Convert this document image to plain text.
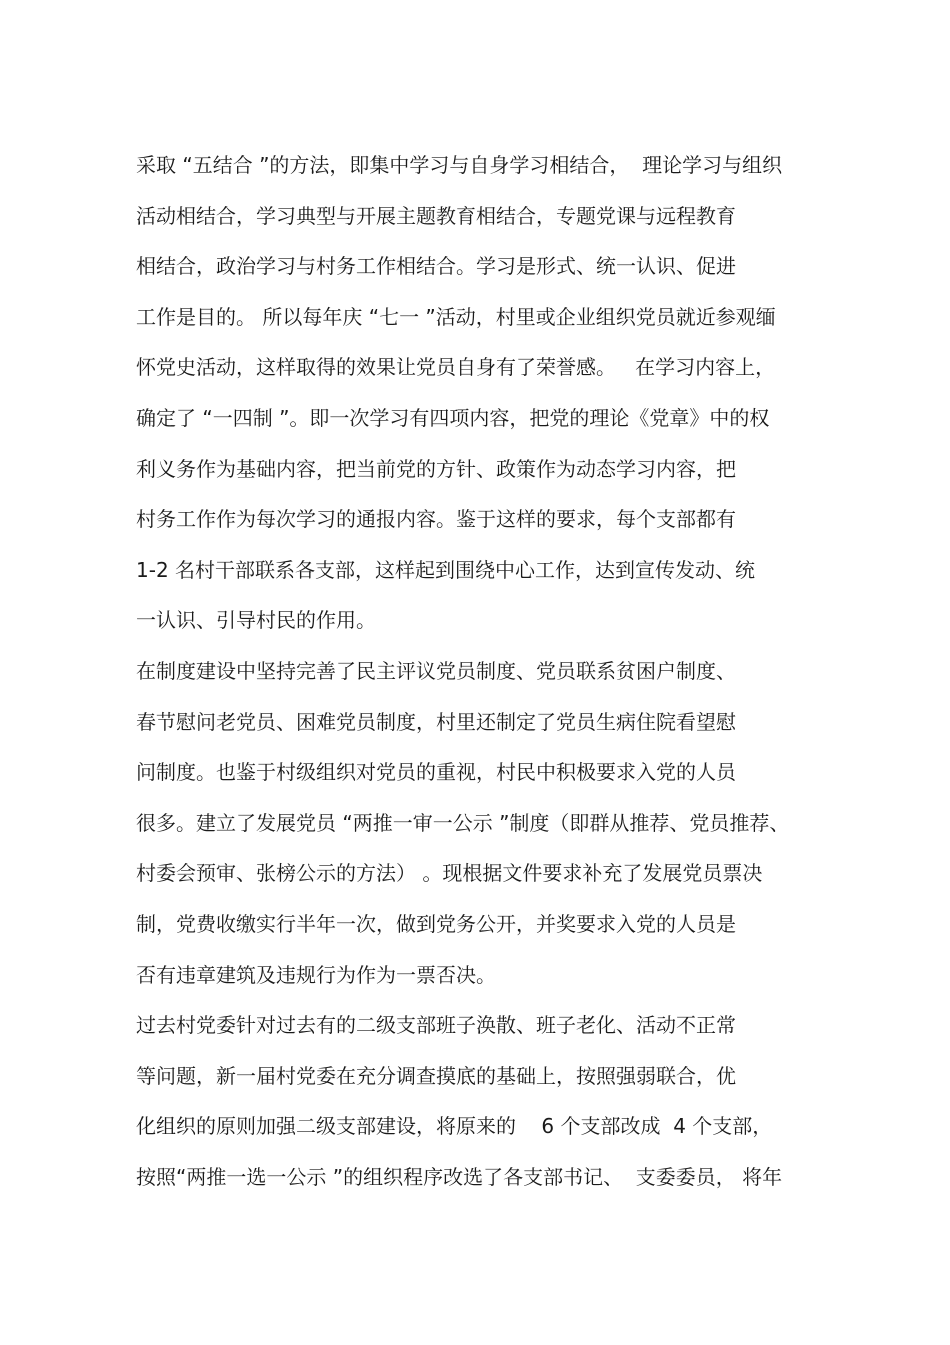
采取 “五结合 ”的方法，即集中学习与自身学习相结合，  理论学习与组织
活动相结合，学习典型与开展主题教育相结合，专题党课与远程教育
相结合，政治学习与村务工作相结合。学习是形式、统一认识、促进
工作是目的。 所以每年庆 “七一 ”活动，村里或企业组织党员就近参观缅
怀党史活动，这样取得的效果让党员自身有了荣誉感。   在学习内容上，
确定了 “一四制 ”。即一次学习有四项内容，把党的理论《党章》中的权
利义务作为基础内容，把当前党的方针、政策作为动态学习内容，把
村务工作作为每次学习的通报内容。鉴于这样的要求，每个支部都有
1-2 名村干部联系各支部，这样起到围绕中心工作，达到宣传发动、统
一认识、引导村民的作用。
在制度建设中坚持完善了民主评议党员制度、党员联系贫困户制度、
春节慰问老党员、困难党员制度，村里还制定了党员生病住院看望慰
问制度。也鉴于村级组织对党员的重视，村民中积极要求入党的人员
很多。建立了发展党员 “两推一审一公示 ”制度（即群从推荐、党员推荐、
村委会预审、张榜公示的方法） 。现根据文件要求补充了发展党员票决
制，党费收缴实行半年一次，做到党务公开，并奖要求入党的人员是
否有违章建筑及违规行为作为一票否决。
过去村党委针对过去有的二级支部班子涣散、班子老化、活动不正常
等问题，新一届村党委在充分调查摸底的基础上，按照强弱联合，优
化组织的原则加强二级支部建设，将原来的    6 个支部改成  4 个支部，
按照“两推一选一公示 ”的组织程序改选了各支部书记、  支委委员， 将年
